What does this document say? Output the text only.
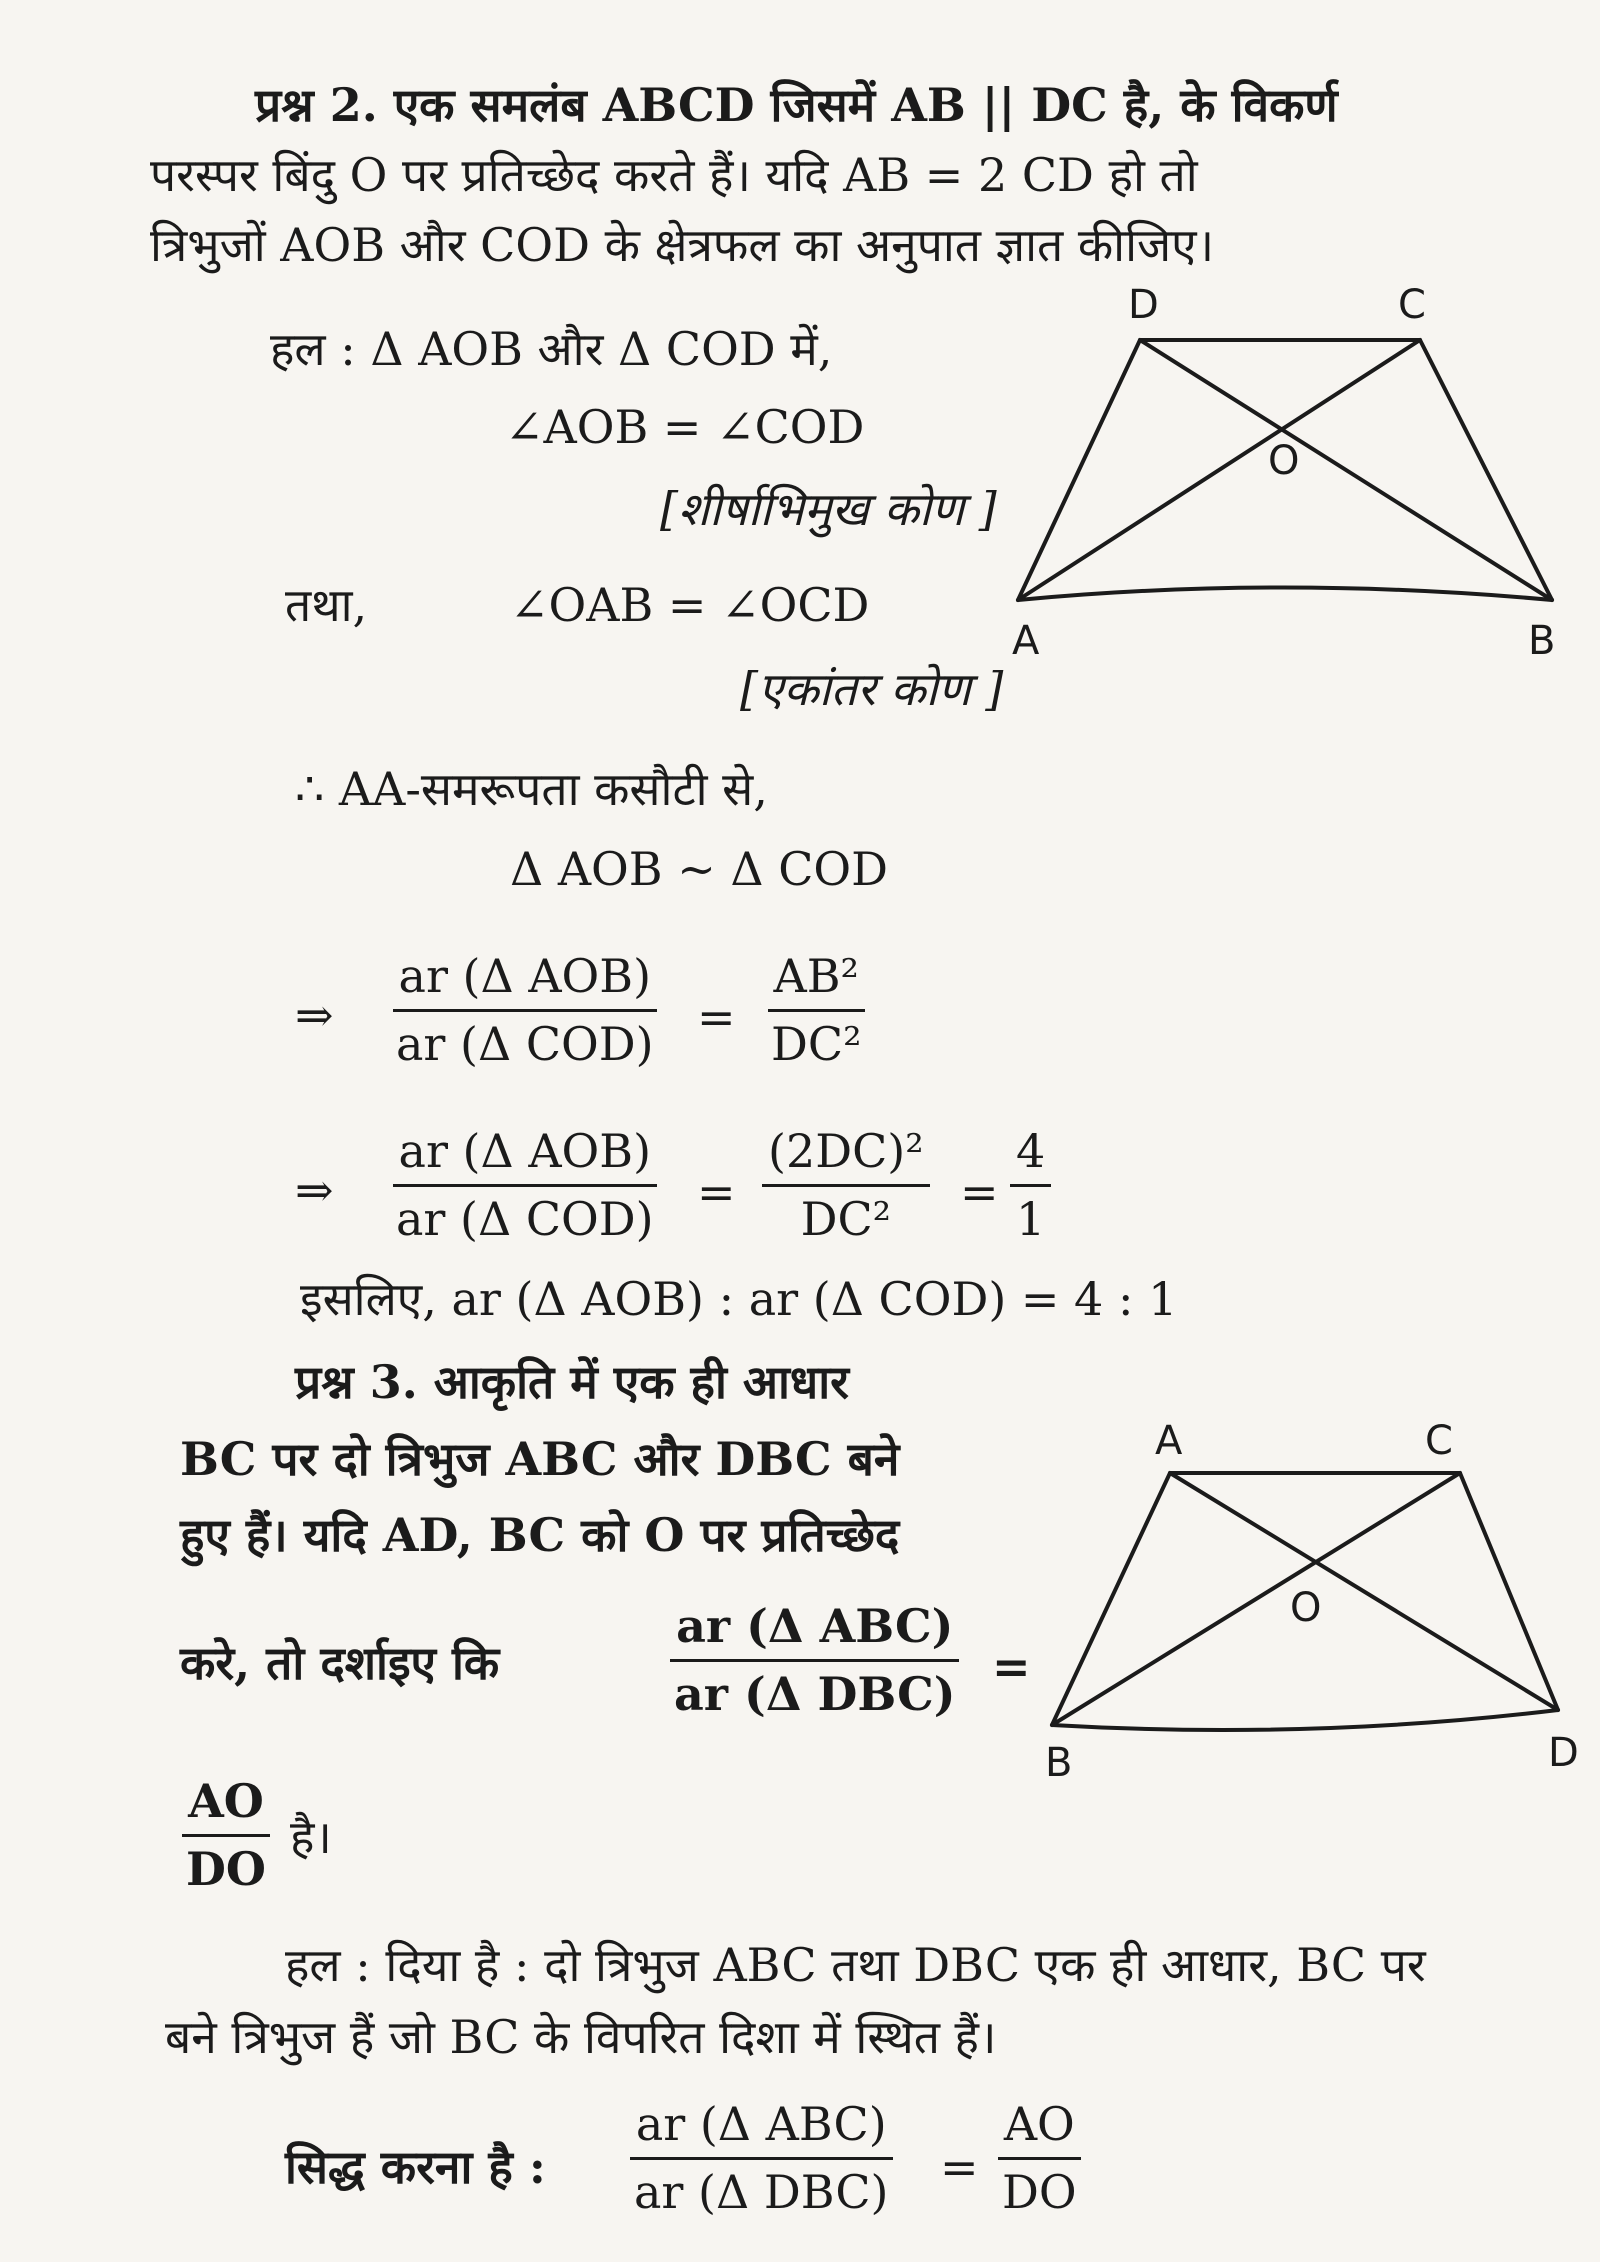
प्रश्न 2. एक समलंब ABCD जिसमें AB || DC है, के विकर्ण
परस्पर बिंदु O पर प्रतिच्छेद करते हैं। यदि AB = 2 CD हो तो
त्रिभुजों AOB और COD के क्षेत्रफल का अनुपात ज्ञात कीजिए।
हल : Δ AOB और Δ COD में,
∠AOB = ∠COD
[शीर्षाभिमुख कोण ]
तथा,	∠OAB = ∠OCD
[एकांतर कोण ]
∴ AA-समरूपता कसौटी से,
Δ AOB ~ Δ COD
⇒
ar (Δ AOB)
ar (Δ $COD) = \frac{\text{AB²}}{\text{DC²}}$
⇒
ar (Δ AOB)
ar (Δ $COD) = \frac{\text{(2DC)²}}{\text{DC²}} = \frac{4}{1}$
इसलिए, ar (Δ AOB) : ar (Δ COD) = 4 : 1
D	C
O
A	B
प्रश्न 3. आकृति में एक ही आधार
BC पर दो त्रिभुज ABC और DBC बने
हुए हैं। यदि AD, BC को O पर प्रतिच्छेद
करे, तो दर्शाइए कि
ar (Δ ABC)
ar (Δ DBC) =
$\frac{AO}{DO}$ है।
A	C
O
B	D
हल : दिया है : दो त्रिभुज ABC तथा DBC एक ही आधार, BC पर
बने त्रिभुज हैं जो BC के विपरित दिशा में स्थित हैं।
सिद्ध करना है :
ar (Δ ABC)
ar (Δ $DBC) = \frac{AO}{DO}$
